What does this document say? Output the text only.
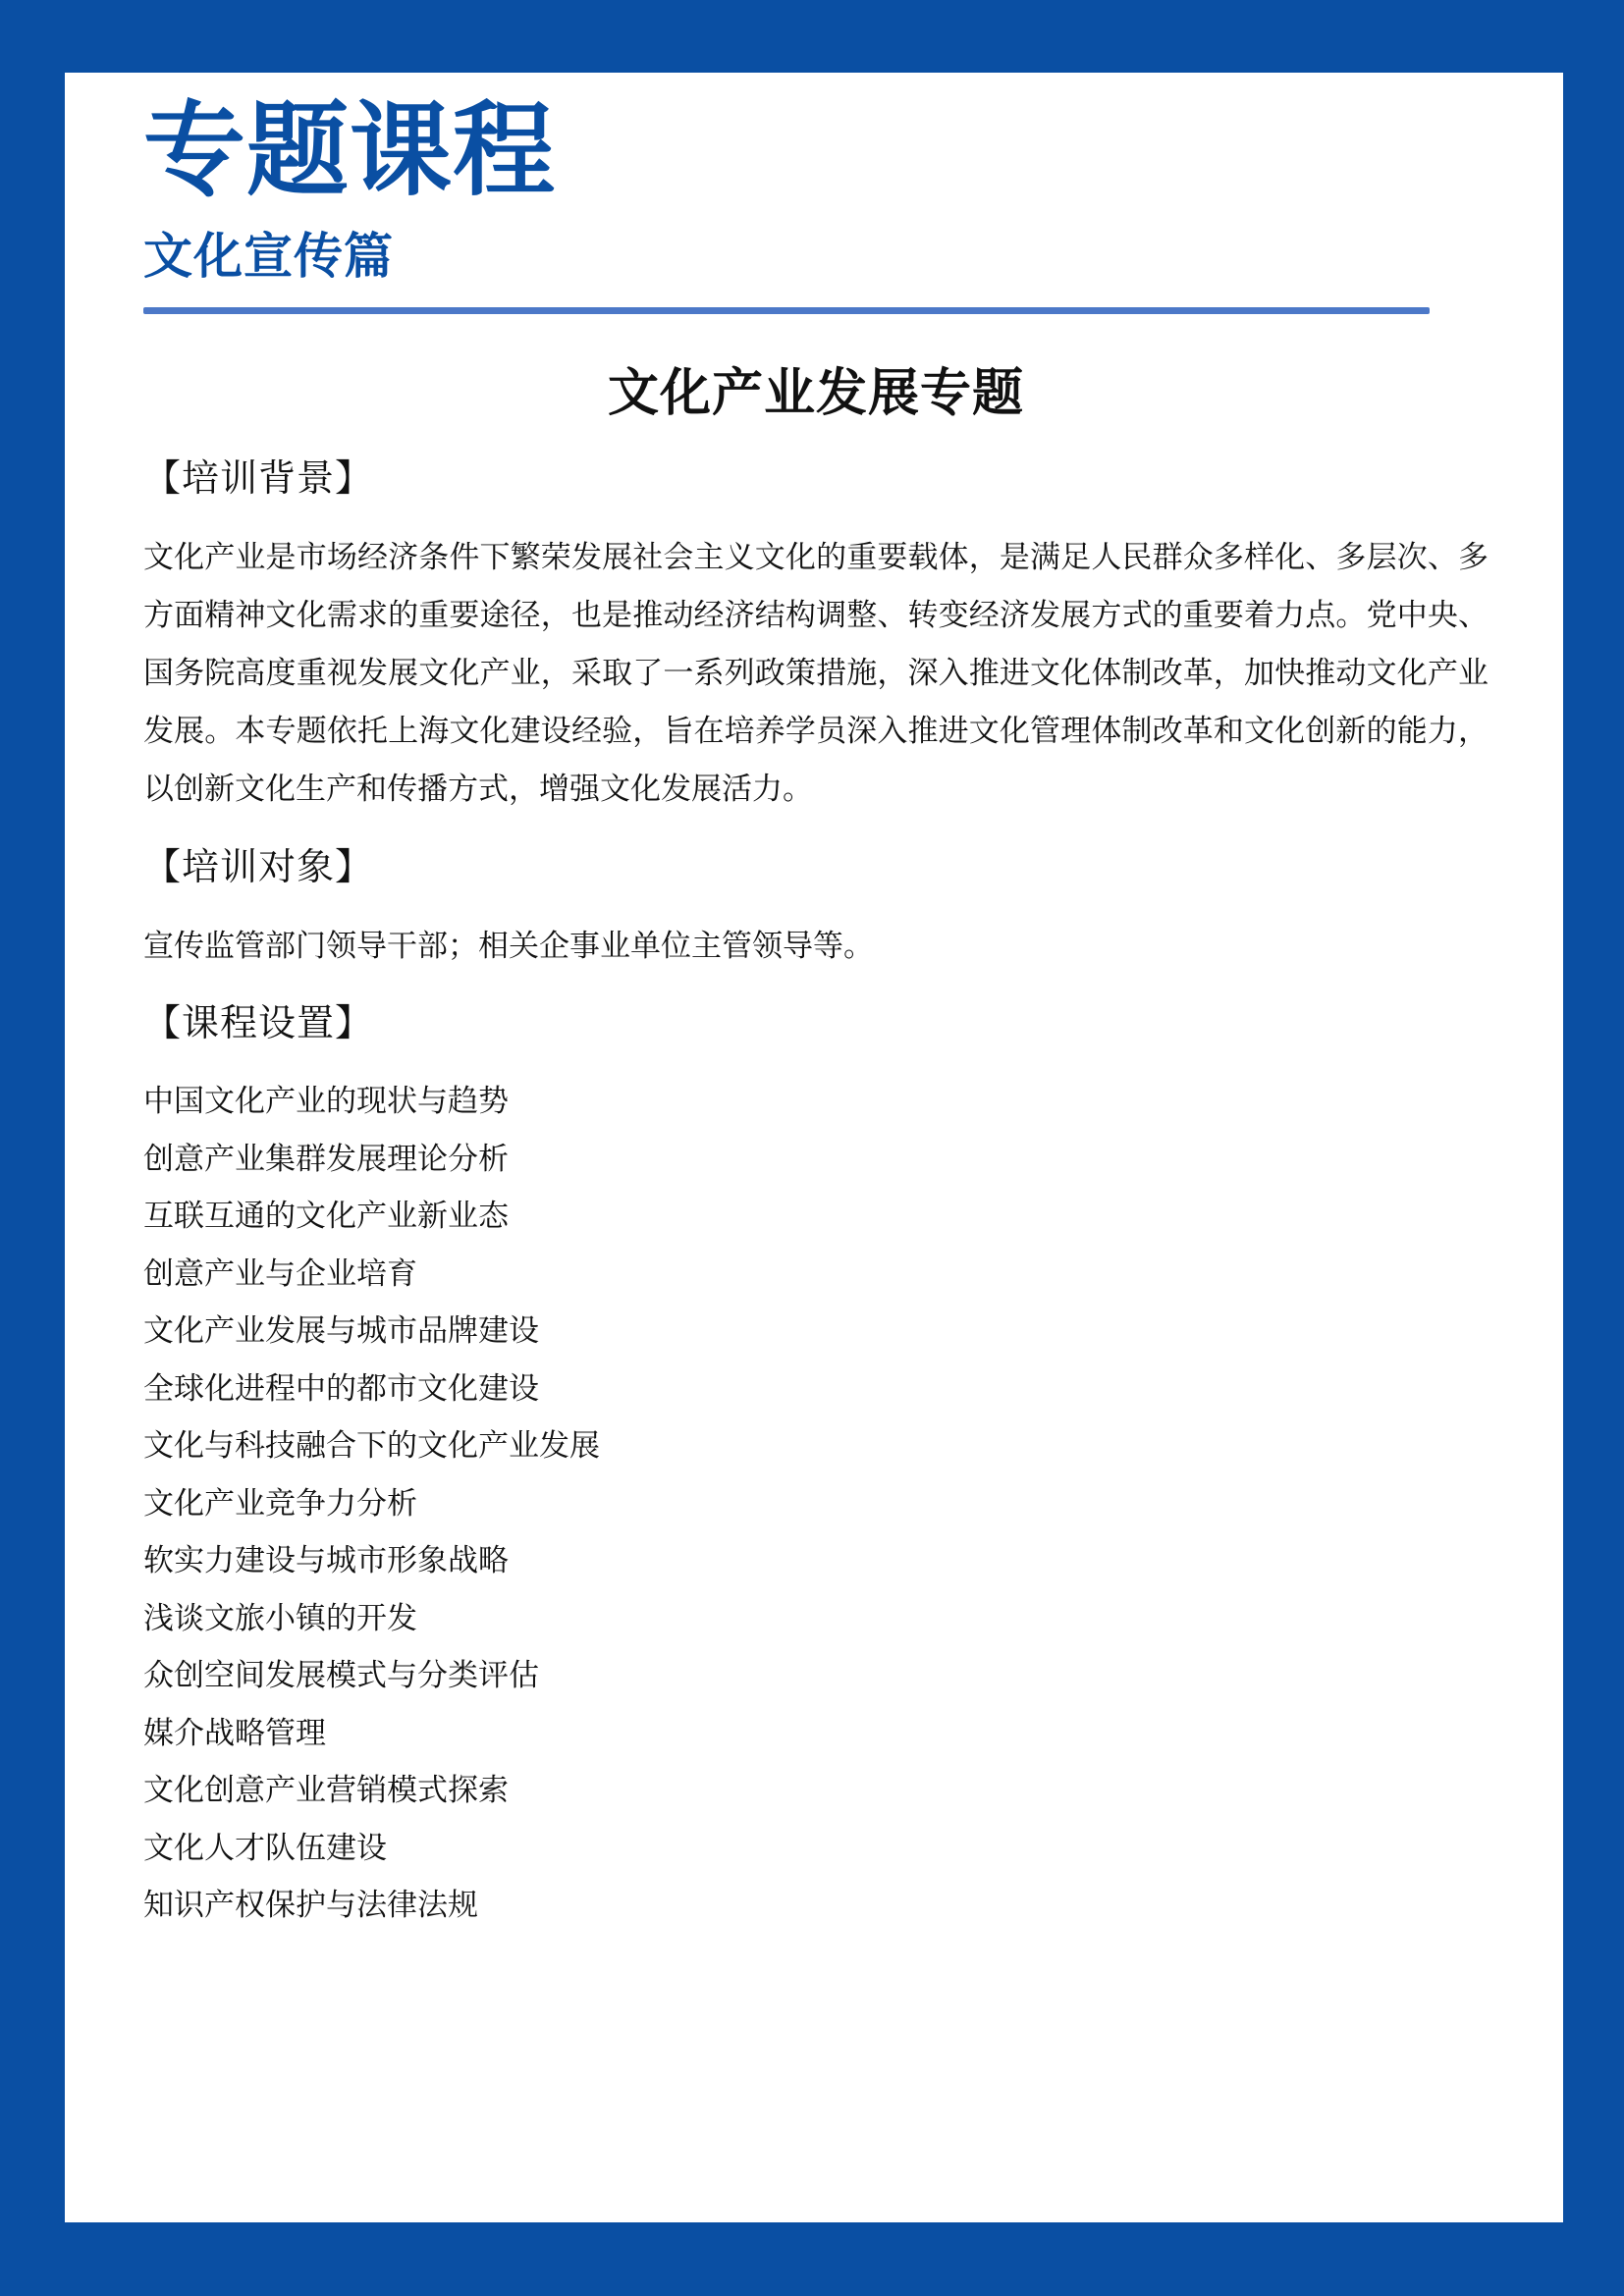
专题课程
文化宣传篇
文化产业发展专题
【培训背景】

文化产业是市场经济条件下繁荣发展社会主义文化的重要载体，是满足人民群众多样化、多层次、多方面精神文化需求的重要途径，也是推动经济结构调整、转变经济发展方式的重要着力点。党中央、国务院高度重视发展文化产业，采取了一系列政策措施，深入推进文化体制改革，加快推动文化产业发展。本专题依托上海文化建设经验，旨在培养学员深入推进文化管理体制改革和文化创新的能力，以创新文化生产和传播方式，增强文化发展活力。

【培训对象】

宣传监管部门领导干部；相关企事业单位主管领导等。

【课程设置】
中国文化产业的现状与趋势
创意产业集群发展理论分析
互联互通的文化产业新业态
创意产业与企业培育
文化产业发展与城市品牌建设
全球化进程中的都市文化建设
文化与科技融合下的文化产业发展
文化产业竞争力分析
软实力建设与城市形象战略
浅谈文旅小镇的开发
众创空间发展模式与分类评估
媒介战略管理
文化创意产业营销模式探索
文化人才队伍建设
知识产权保护与法律法规
